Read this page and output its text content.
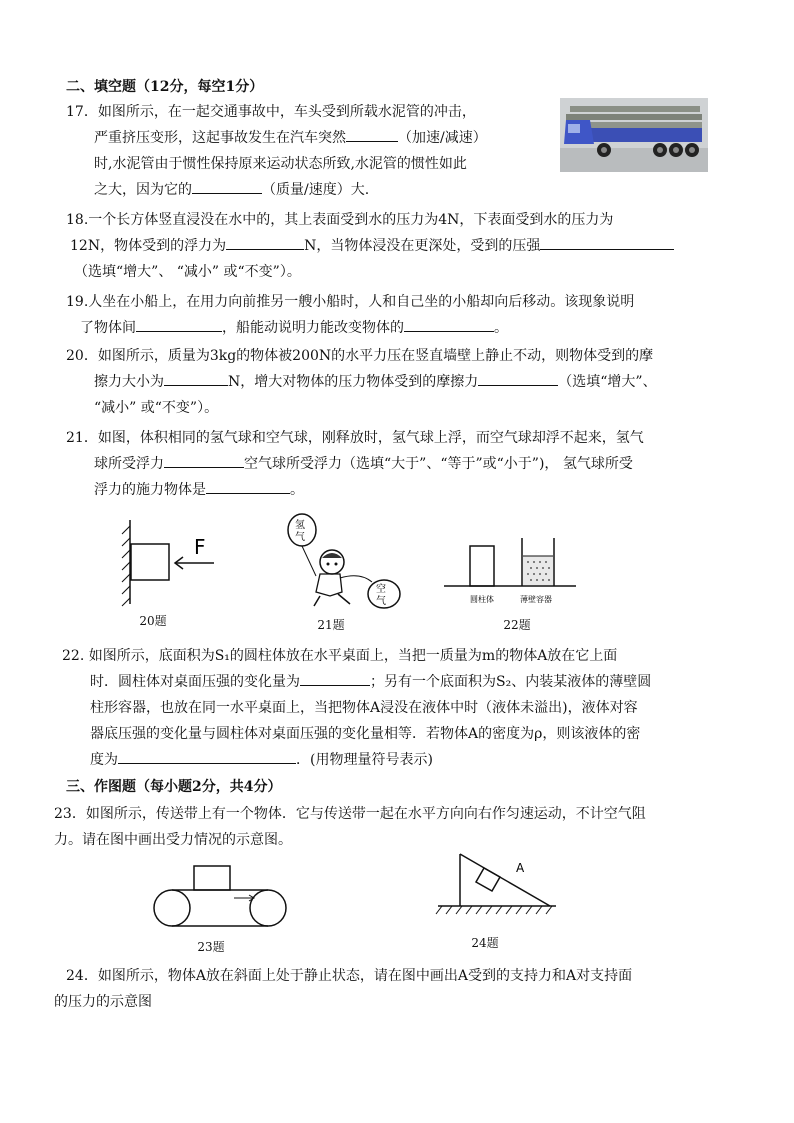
二、填空题（12分，每空1分）
17．如图所示，在一起交通事故中，车头受到所载水泥管的冲击，
严重挤压变形，这起事故发生在汽车突然	（加速/减速）
时,水泥管由于惯性保持原来运动状态所致,水泥管的惯性如此
之大，因为它的	（质量/速度）大.
18.一个长方体竖直浸没在水中的，其上表面受到水的压力为4N，下表面受到水的压力为
12N，物体受到的浮力为	N，当物体浸没在更深处，受到的压强
（选填“增大”、 “减小” 或“不变”）。
19.人坐在小船上，在用力向前推另一艘小船时，人和自己坐的小船却向后移动。该现象说明
了物体间	，船能动说明力能改变物体的	。
20．如图所示，质量为3kg的物体被200N的水平力压在竖直墙壁上静止不动，则物体受到的摩
擦力大小为	N，增大对物体的压力物体受到的摩擦力	（选填“增大”、
“减小” 或“不变”）。
21．如图，体积相同的氢气球和空气球，刚释放时，氢气球上浮，而空气球却浮不起来，氢气
球所受浮力	空气球所受浮力（选填“大于”、“等于”或“小于”)， 氢气球所受
浮力的施力物体是	。
F
20题
氢
气
空
气
21题
圆柱体	薄壁容器
22题
22. 如图所示，底面积为S₁的圆柱体放在水平桌面上，当把一质量为m的物体A放在它上面
时．圆柱体对桌面压强的变化量为	；另有一个底面积为S₂、内装某液体的薄壁圆
柱形容器，也放在同一水平桌面上，当把物体A浸没在液体中时（液体未溢出)，液体对容
器底压强的变化量与圆柱体对桌面压强的变化量相等．若物体A的密度为ρ，则该液体的密
度为	．(用物理量符号表示)
三、作图题（每小题2分，共4分）
23．如图所示，传送带上有一个物体．它与传送带一起在水平方向向右作匀速运动，不计空气阻
力。请在图中画出受力情况的示意图。
23题
A
24题
24．如图所示，物体A放在斜面上处于静止状态，请在图中画出A受到的支持力和A对支持面
的压力的示意图
